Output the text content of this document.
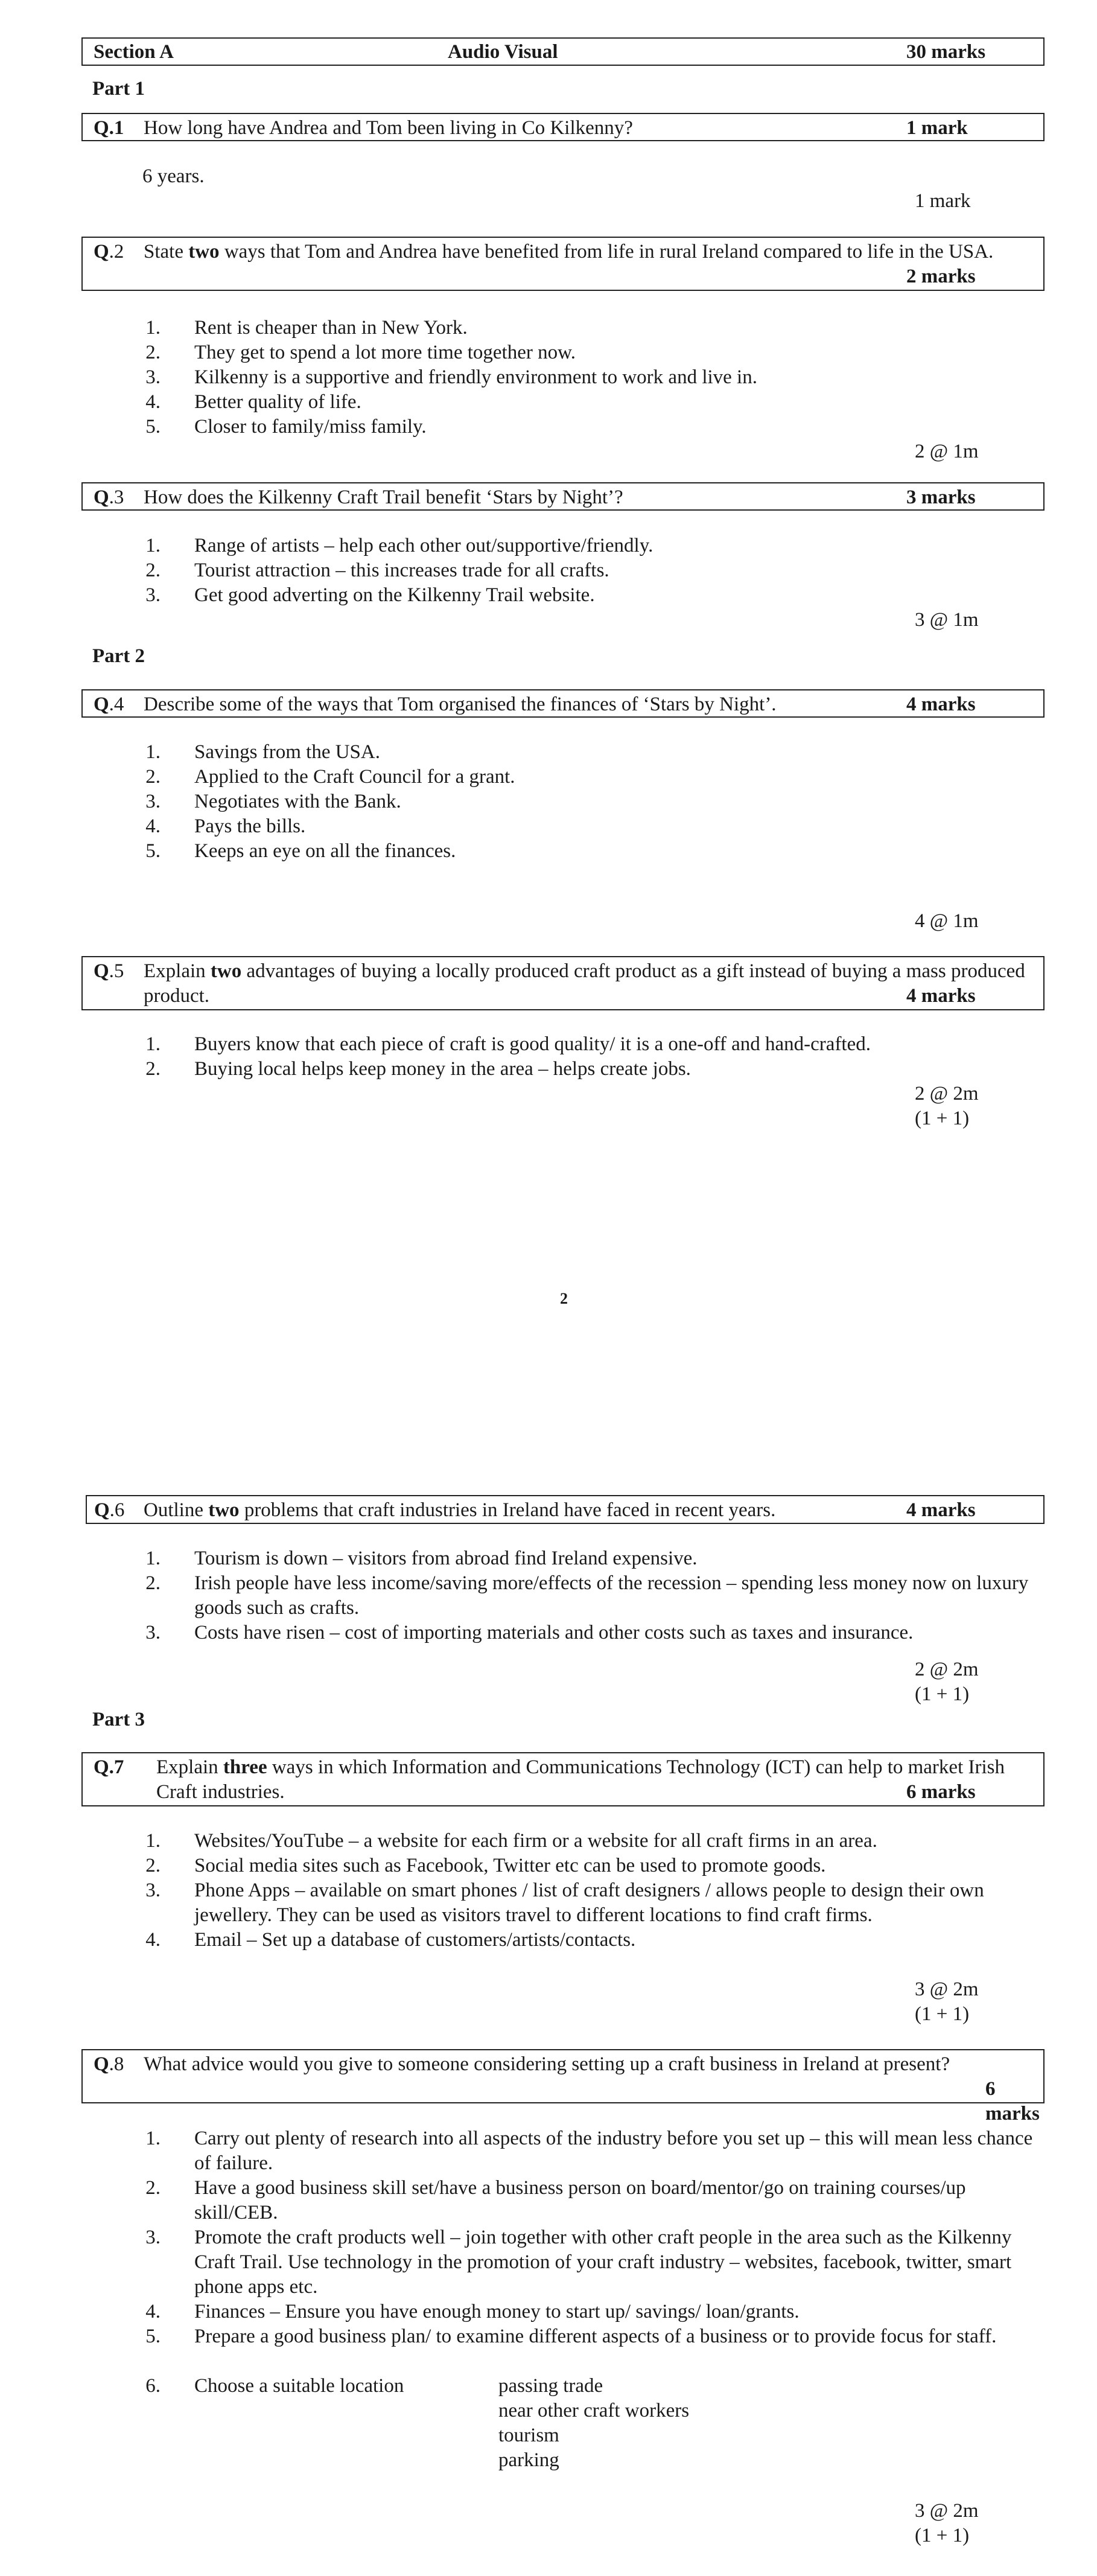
Section A	Audio Visual	30 marks
Part 1
Q.1 How long have Andrea and Tom been living in Co Kilkenny?	1 mark
6 years.
1 mark
Q.2 State two ways that Tom and Andrea have benefited from life in rural Ireland compared to life in the USA.
2 marks
1. Rent is cheaper than in New York.
2. They get to spend a lot more time together now.
3. Kilkenny is a supportive and friendly environment to work and live in.
4. Better quality of life.
5. Closer to family/miss family.
2 @ 1m
Q.3 How does the Kilkenny Craft Trail benefit ‘Stars by Night’?	3 marks
1. Range of artists – help each other out/supportive/friendly.
2. Tourist attraction – this increases trade for all crafts.
3. Get good adverting on the Kilkenny Trail website.
3 @ 1m
Part 2
Q.4 Describe some of the ways that Tom organised the finances of ‘Stars by Night’.	4 marks
1. Savings from the USA.
2. Applied to the Craft Council for a grant.
3. Negotiates with the Bank.
4. Pays the bills.
5. Keeps an eye on all the finances.
4 @ 1m
Q.5 Explain two advantages of buying a locally produced craft product as a gift instead of buying a mass produced product.	4 marks
1. Buyers know that each piece of craft is good quality/ it is a one-off and hand-crafted.
2. Buying local helps keep money in the area – helps create jobs.
2 @ 2m
(1 + 1)
2
Q.6 Outline two problems that craft industries in Ireland have faced in recent years.	4 marks
1. Tourism is down – visitors from abroad find Ireland expensive.
2. Irish people have less income/saving more/effects of the recession – spending less money now on luxury goods such as crafts.
3. Costs have risen – cost of importing materials and other costs such as taxes and insurance.
2 @ 2m
(1 + 1)
Part 3
Q.7 Explain three ways in which Information and Communications Technology (ICT) can help to market Irish Craft industries.	6 marks
1. Websites/YouTube – a website for each firm or a website for all craft firms in an area.
2. Social media sites such as Facebook, Twitter etc can be used to promote goods.
3. Phone Apps – available on smart phones / list of craft designers / allows people to design their own jewellery. They can be used as visitors travel to different locations to find craft firms.
4. Email – Set up a database of customers/artists/contacts.
3 @ 2m
(1 + 1)
Q.8 What advice would you give to someone considering setting up a craft business in Ireland at present?
6 marks
1. Carry out plenty of research into all aspects of the industry before you set up – this will mean less chance of failure.
2. Have a good business skill set/have a business person on board/mentor/go on training courses/up skill/CEB.
3. Promote the craft products well – join together with other craft people in the area such as the Kilkenny Craft Trail. Use technology in the promotion of your craft industry – websites, facebook, twitter, smart phone apps etc.
4. Finances – Ensure you have enough money to start up/ savings/ loan/grants.
5. Prepare a good business plan/ to examine different aspects of a business or to provide focus for staff.
6. Choose a suitable location	passing trade
near other craft workers
tourism
parking
3 @ 2m
(1 + 1)
